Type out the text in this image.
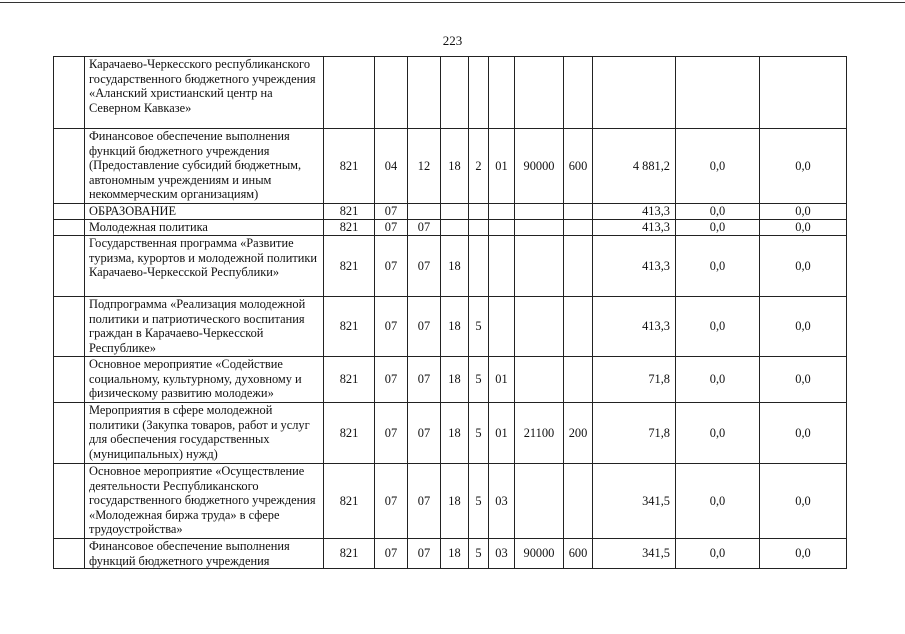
223
	Карачаево-Черкесского республиканского государственного бюджетного учреждения «Аланский христианский центр на Северном Кавказе»											
	Финансовое обеспечение выполнения функций бюджетного учреждения (Предоставление субсидий бюджетным, автономным учреждениям и иным некоммерческим организациям)	821	04	12	18	2	01	90000	600	4 881,2	0,0	0,0
	ОБРАЗОВАНИЕ	821	07							413,3	0,0	0,0
	Молодежная политика	821	07	07						413,3	0,0	0,0
	Государственная программа «Развитие туризма, курортов и молодежной политики Карачаево-Черкесской Республики»	821	07	07	18					413,3	0,0	0,0
	Подпрограмма «Реализация молодежной политики и патриотического воспитания граждан в Карачаево-Черкесской Республике»	821	07	07	18	5				413,3	0,0	0,0
	Основное мероприятие «Содействие социальному, культурному, духовному и физическому развитию молодежи»	821	07	07	18	5	01			71,8	0,0	0,0
	Мероприятия в сфере молодежной политики (Закупка товаров, работ и услуг для обеспечения государственных (муниципальных) нужд)	821	07	07	18	5	01	21100	200	71,8	0,0	0,0
	Основное мероприятие «Осуществление деятельности Республиканского государственного бюджетного учреждения «Молодежная биржа труда» в сфере трудоустройства»	821	07	07	18	5	03			341,5	0,0	0,0
	Финансовое обеспечение выполнения функций бюджетного учреждения	821	07	07	18	5	03	90000	600	341,5	0,0	0,0
